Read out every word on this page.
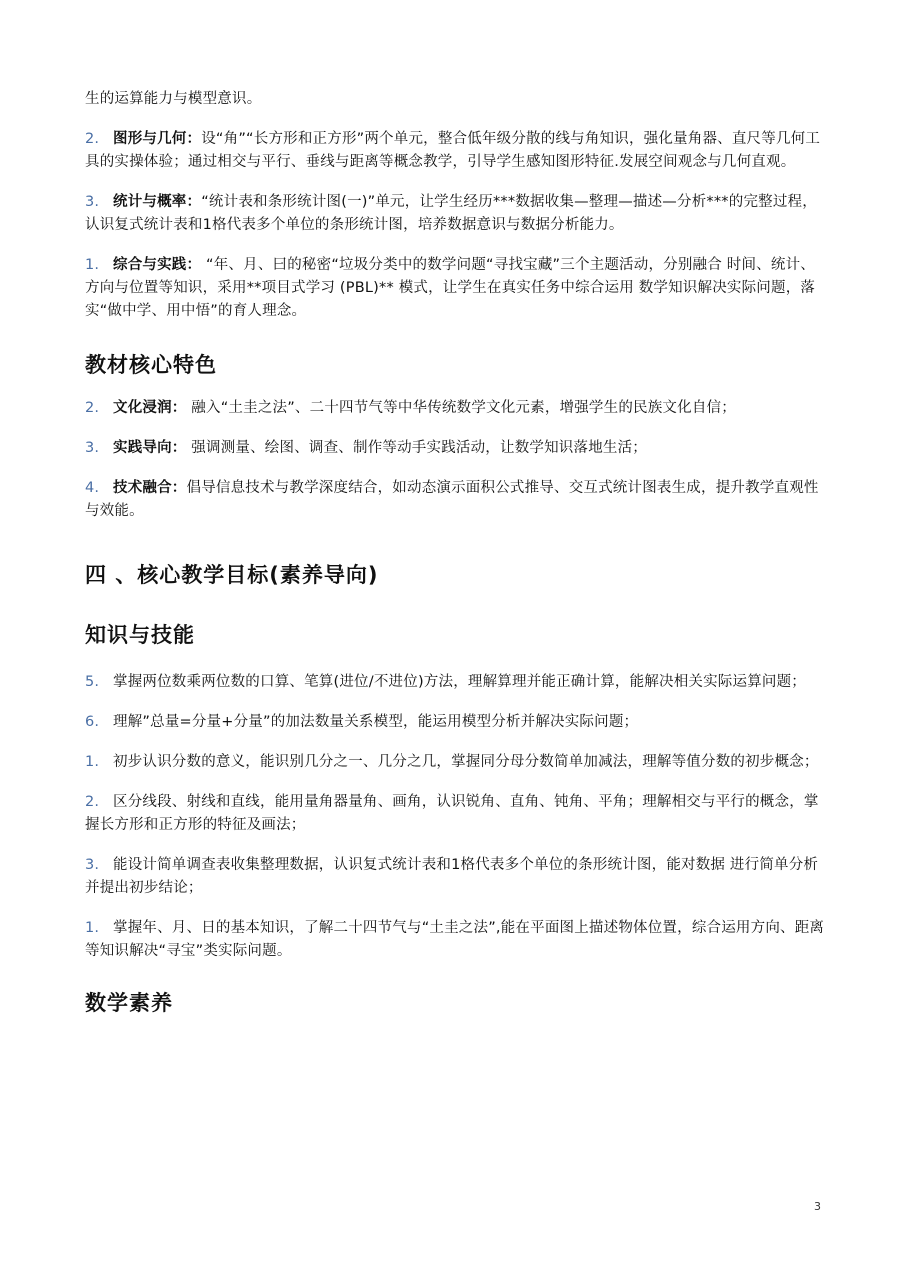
生的运算能力与模型意识。

2. 图形与几何：设“角”“长方形和正方形”两个单元，整合低年级分散的线与角知识，强化量角器、直尺等几何工具的实操体验；通过相交与平行、垂线与距离等概念教学，引导学生感知图形特征.发展空间观念与几何直观。

3. 统计与概率：“统计表和条形统计图(一)”单元，让学生经历***数据收集—整理—描述—分析***的完整过程，认识复式统计表和1格代表多个单位的条形统计图，培养数据意识与数据分析能力。

1. 综合与实践： “年、月、曰的秘密“垃圾分类中的数学问题“寻找宝藏”三个主题活动，分别融合 时间、统计、方向与位置等知识，采用**项目式学习 (PBL)** 模式，让学生在真实任务中综合运用 数学知识解决实际问题，落实“做中学、用中悟”的育人理念。

教材核心特色

2. 文化浸润： 融入“土圭之法”、二十四节气等中华传统数学文化元素，增强学生的民族文化自信；

3. 实践导向： 强调测量、绘图、调查、制作等动手实践活动，让数学知识落地生活；

4. 技术融合：倡导信息技术与教学深度结合，如动态演示面积公式推导、交互式统计图表生成，提升教学直观性与效能。

四 、核心教学目标(素养导向)
知识与技能

5. 掌握两位数乘两位数的口算、笔算(进位/不进位)方法，理解算理并能正确计算，能解决相关实际运算问题；

6. 理解”总量=分量+分量”的加法数量关系模型，能运用模型分析并解决实际问题；

1. 初步认识分数的意义，能识别几分之一、几分之几，掌握同分母分数简单加减法，理解等值分数的初步概念；

2. 区分线段、射线和直线，能用量角器量角、画角，认识锐角、直角、钝角、平角；理解相交与平行的概念，掌握长方形和正方形的特征及画法；

3. 能设计简单调查表收集整理数据，认识复式统计表和1格代表多个单位的条形统计图，能对数据 进行简单分析并提出初步结论；

1. 掌握年、月、日的基本知识，了解二十四节气与“土圭之法”,能在平面图上描述物体位置，综合运用方向、距离等知识解决“寻宝”类实际问题。

数学素养
3
